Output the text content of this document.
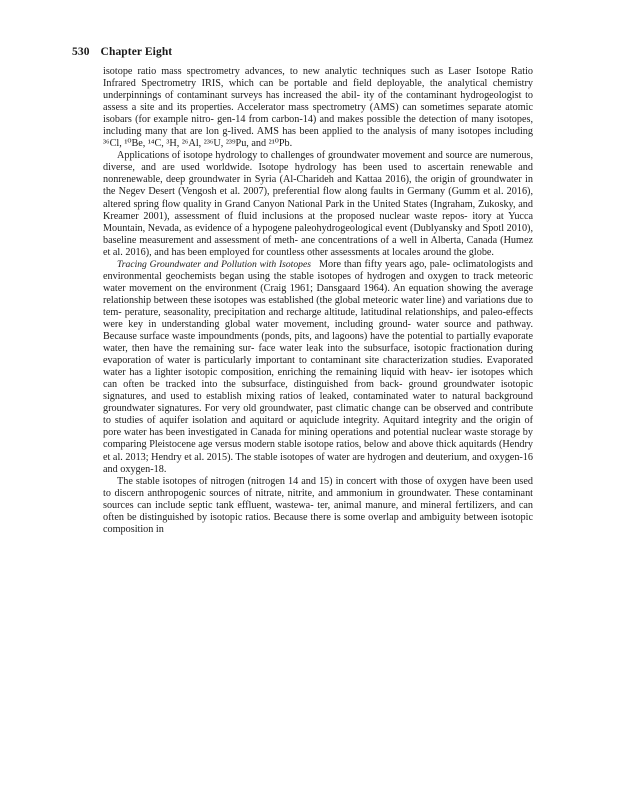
530 Chapter Eight

isotope ratio mass spectrometry advances, to new analytic techniques such as Laser Isotope Ratio Infrared Spectrometry IRIS, which can be portable and field deployable, the analytical chemistry underpinnings of contaminant surveys has increased the abil- ity of the contaminant hydrogeologist to assess a site and its properties. Accelerator mass spectrometry (AMS) can sometimes separate atomic isobars (for example nitro- gen-14 from carbon-14) and makes possible the detection of many isotopes, including many that are lon g-lived. AMS has been applied to the analysis of many isotopes including ³⁶Cl, ¹⁰Be, ¹⁴C, ³H, ²⁶Al, ²³⁶U, ²³⁹Pu, and ²¹⁰Pb.

Applications of isotope hydrology to challenges of groundwater movement and source are numerous, diverse, and are used worldwide. Isotope hydrology has been used to ascertain renewable and nonrenewable, deep groundwater in Syria (Al-Charideh and Kattaa 2016), the origin of groundwater in the Negev Desert (Vengosh et al. 2007), preferential flow along faults in Germany (Gumm et al. 2016), altered spring flow quality in Grand Canyon National Park in the United States (Ingraham, Zukosky, and Kreamer 2001), assessment of fluid inclusions at the proposed nuclear waste repos- itory at Yucca Mountain, Nevada, as evidence of a hypogene paleohydrogeological event (Dublyansky and Spotl 2010), baseline measurement and assessment of meth- ane concentrations of a well in Alberta, Canada (Humez et al. 2016), and has been employed for countless other assessments at locales around the globe.

Tracing Groundwater and Pollution with Isotopes More than fifty years ago, pale- oclimatologists and environmental geochemists began using the stable isotopes of hydrogen and oxygen to track meteoric water movement on the environment (Craig 1961; Dansgaard 1964). An equation showing the average relationship between these isotopes was established (the global meteoric water line) and variations due to tem- perature, seasonality, precipitation and recharge altitude, latitudinal relationships, and paleo-effects were key in understanding global water movement, including ground- water source and pathway. Because surface waste impoundments (ponds, pits, and lagoons) have the potential to partially evaporate water, then have the remaining sur- face water leak into the subsurface, isotopic fractionation during evaporation of water is particularly important to contaminant site characterization studies. Evaporated water has a lighter isotopic composition, enriching the remaining liquid with heav- ier isotopes which can often be tracked into the subsurface, distinguished from back- ground groundwater isotopic signatures, and used to establish mixing ratios of leaked, contaminated water to natural background groundwater signatures. For very old groundwater, past climatic change can be observed and contribute to studies of aquifer isolation and aquitard or aquiclude integrity. Aquitard integrity and the origin of pore water has been investigated in Canada for mining operations and potential nuclear waste storage by comparing Pleistocene age versus modern stable isotope ratios, below and above thick aquitards (Hendry et al. 2013; Hendry et al. 2015). The stable isotopes of water are hydrogen and deuterium, and oxygen-16 and oxygen-18.

The stable isotopes of nitrogen (nitrogen 14 and 15) in concert with those of oxygen have been used to discern anthropogenic sources of nitrate, nitrite, and ammonium in groundwater. These contaminant sources can include septic tank effluent, wastewa- ter, animal manure, and mineral fertilizers, and can often be distinguished by isotopic ratios. Because there is some overlap and ambiguity between isotopic composition in
